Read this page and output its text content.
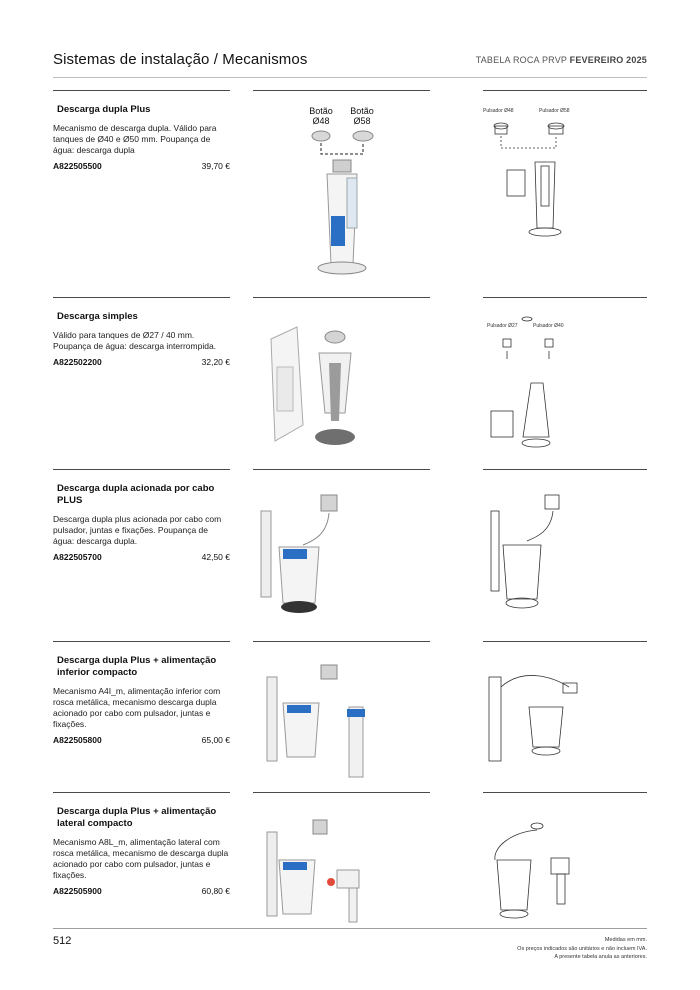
Sistemas de instalação / Mecanismos	TABELA ROCA PRVP FEVEREIRO 2025
Descarga dupla Plus
Mecanismo de descarga dupla. Válido para tanques de Ø40 e Ø50 mm. Poupança de água: descarga dupla
A822505500	39,70 €
Botão Ø48
Botão Ø58
Pulsador Ø48	Pulsador Ø58
Descarga simples
Válido para tanques de Ø27 / 40 mm. Poupança de água: descarga interrompida.
A822502200	32,20 €
Pulsador Ø27	Pulsador Ø40
Descarga dupla acionada por cabo PLUS
Descarga dupla plus acionada por cabo com pulsador, juntas e fixações. Poupança de água: descarga dupla.
A822505700	42,50 €
Descarga dupla Plus + alimentação inferior compacto
Mecanismo A4I_m, alimentação inferior com rosca metálica, mecanismo descarga dupla acionado por cabo com pulsador, juntas e fixações.
A822505800	65,00 €
Descarga dupla Plus + alimentação lateral compacto
Mecanismo A8L_m, alimentação lateral com rosca metálica, mecanismo de descarga dupla acionado por cabo com pulsador, juntas e fixações.
A822505900	60,80 €
512	Medidas em mm.
Os preços indicados são unitários e não incluem IVA.
A presente tabela anula as anteriores.
